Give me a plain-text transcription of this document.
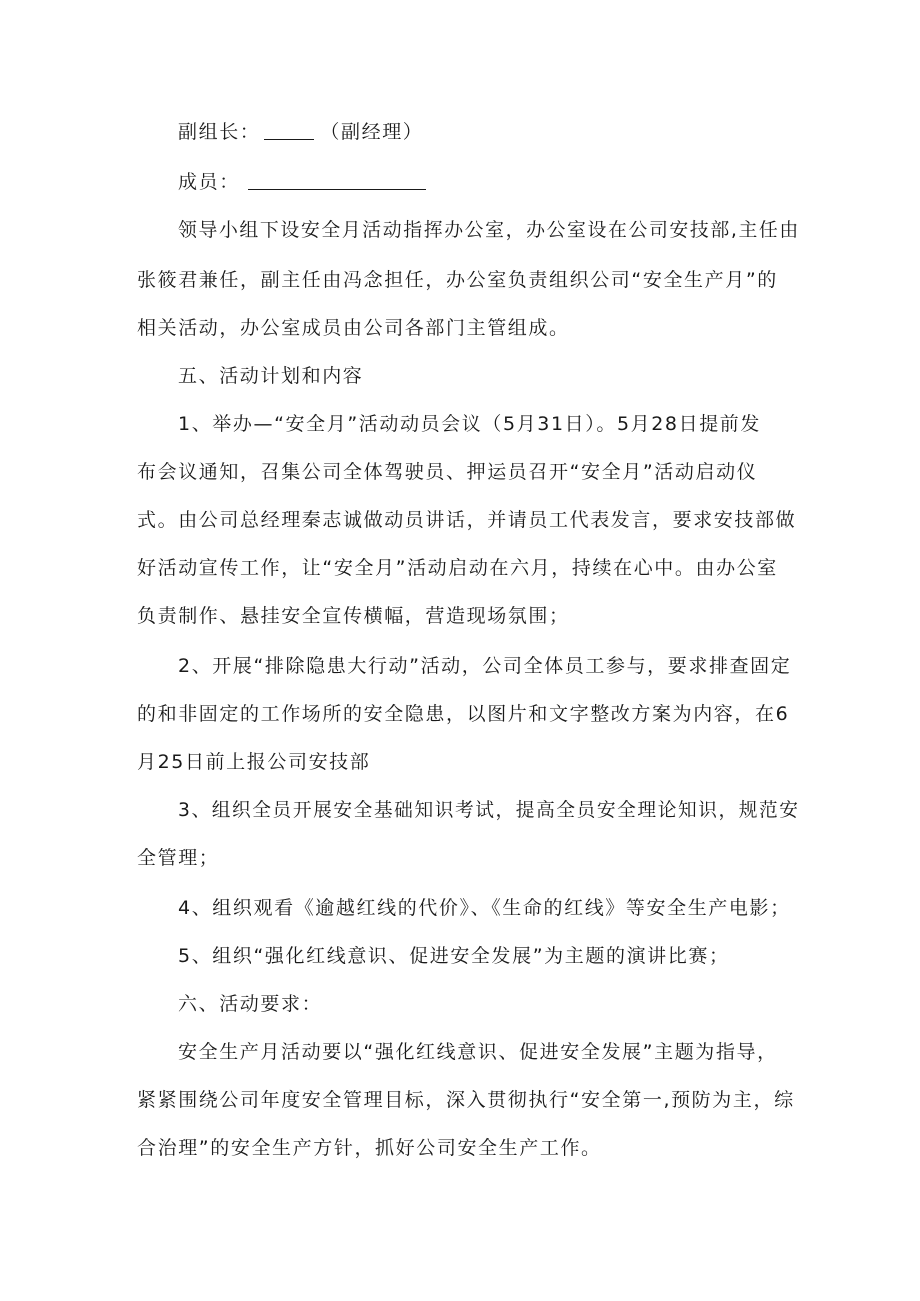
副组长：	（副经理）
成员：
领导小组下设安全月活动指挥办公室，办公室设在公司安技部,主任由
张筱君兼任，副主任由冯念担任，办公室负责组织公司“安全生产月”的
相关活动，办公室成员由公司各部门主管组成。
五、活动计划和内容
1、举办—“安全月”活动动员会议（5月31日）。5月28日提前发
布会议通知，召集公司全体驾驶员、押运员召开“安全月”活动启动仪
式。由公司总经理秦志诚做动员讲话，并请员工代表发言，要求安技部做
好活动宣传工作，让“安全月”活动启动在六月，持续在心中。由办公室
负责制作、悬挂安全宣传横幅，营造现场氛围；
2、开展“排除隐患大行动”活动，公司全体员工参与，要求排查固定
的和非固定的工作场所的安全隐患，以图片和文字整改方案为内容，在6
月25日前上报公司安技部
3、组织全员开展安全基础知识考试，提高全员安全理论知识，规范安
全管理；
4、组织观看《逾越红线的代价》、《生命的红线》等安全生产电影；
5、组织“强化红线意识、促进安全发展”为主题的演讲比赛；
六、活动要求：
安全生产月活动要以“强化红线意识、促进安全发展”主题为指导，
紧紧围绕公司年度安全管理目标，深入贯彻执行“安全第一,预防为主，综
合治理”的安全生产方针，抓好公司安全生产工作。
